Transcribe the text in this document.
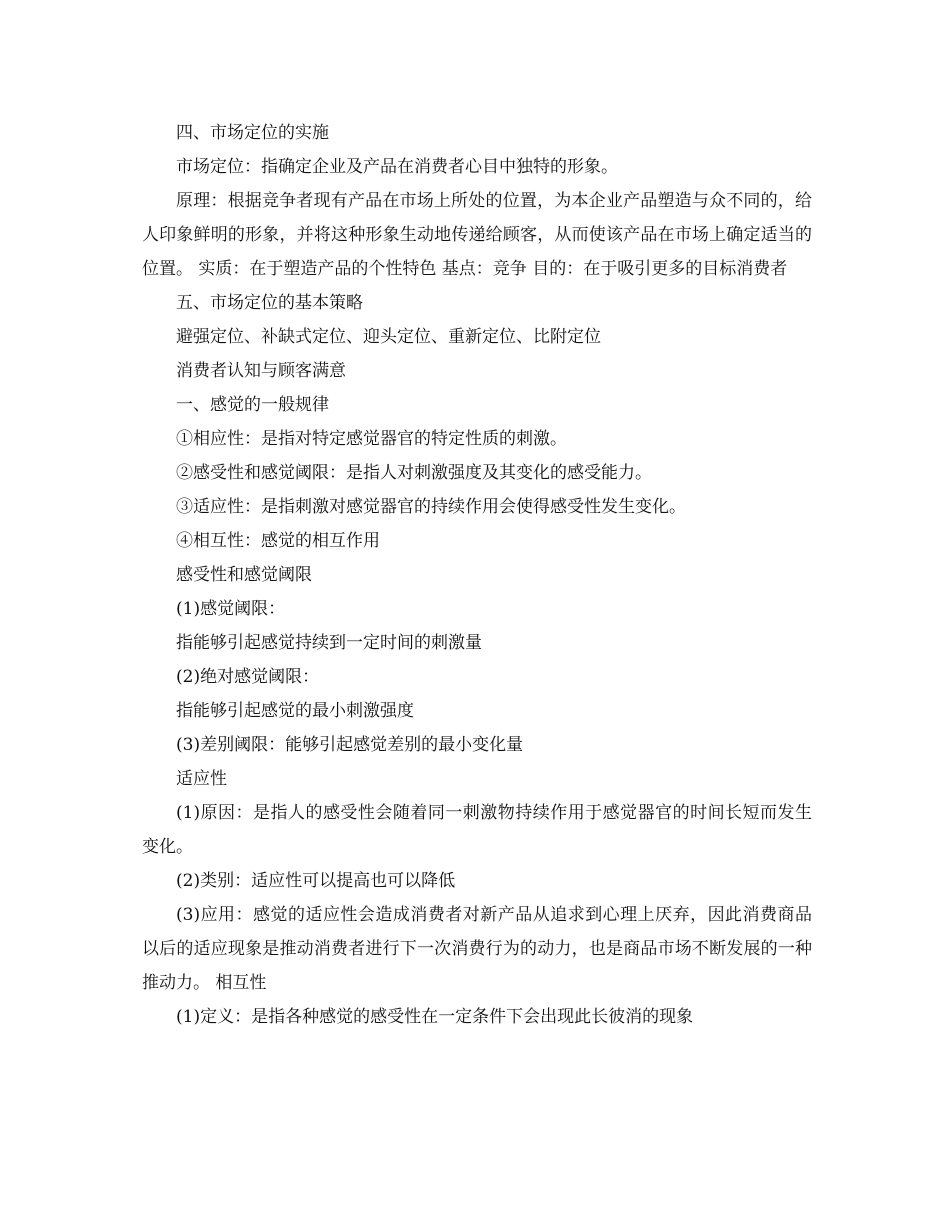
四、市场定位的实施

市场定位：指确定企业及产品在消费者心目中独特的形象。

原理：根据竞争者现有产品在市场上所处的位置，为本企业产品塑造与众不同的，给人印象鲜明的形象，并将这种形象生动地传递给顾客，从而使该产品在市场上确定适当的位置。 实质：在于塑造产品的个性特色 基点：竞争 目的：在于吸引更多的目标消费者

五、市场定位的基本策略

避强定位、补缺式定位、迎头定位、重新定位、比附定位

消费者认知与顾客满意

一、感觉的一般规律

①相应性：是指对特定感觉器官的特定性质的刺激。

②感受性和感觉阈限：是指人对刺激强度及其变化的感受能力。

③适应性：是指刺激对感觉器官的持续作用会使得感受性发生变化。

④相互性：感觉的相互作用

感受性和感觉阈限

(1)感觉阈限：

指能够引起感觉持续到一定时间的刺激量

(2)绝对感觉阈限：

指能够引起感觉的最小刺激强度

(3)差别阈限：能够引起感觉差别的最小变化量

适应性

(1)原因：是指人的感受性会随着同一刺激物持续作用于感觉器官的时间长短而发生变化。

(2)类别：适应性可以提高也可以降低

(3)应用：感觉的适应性会造成消费者对新产品从追求到心理上厌弃，因此消费商品以后的适应现象是推动消费者进行下一次消费行为的动力，也是商品市场不断发展的一种推动力。 相互性

(1)定义：是指各种感觉的感受性在一定条件下会出现此长彼消的现象
